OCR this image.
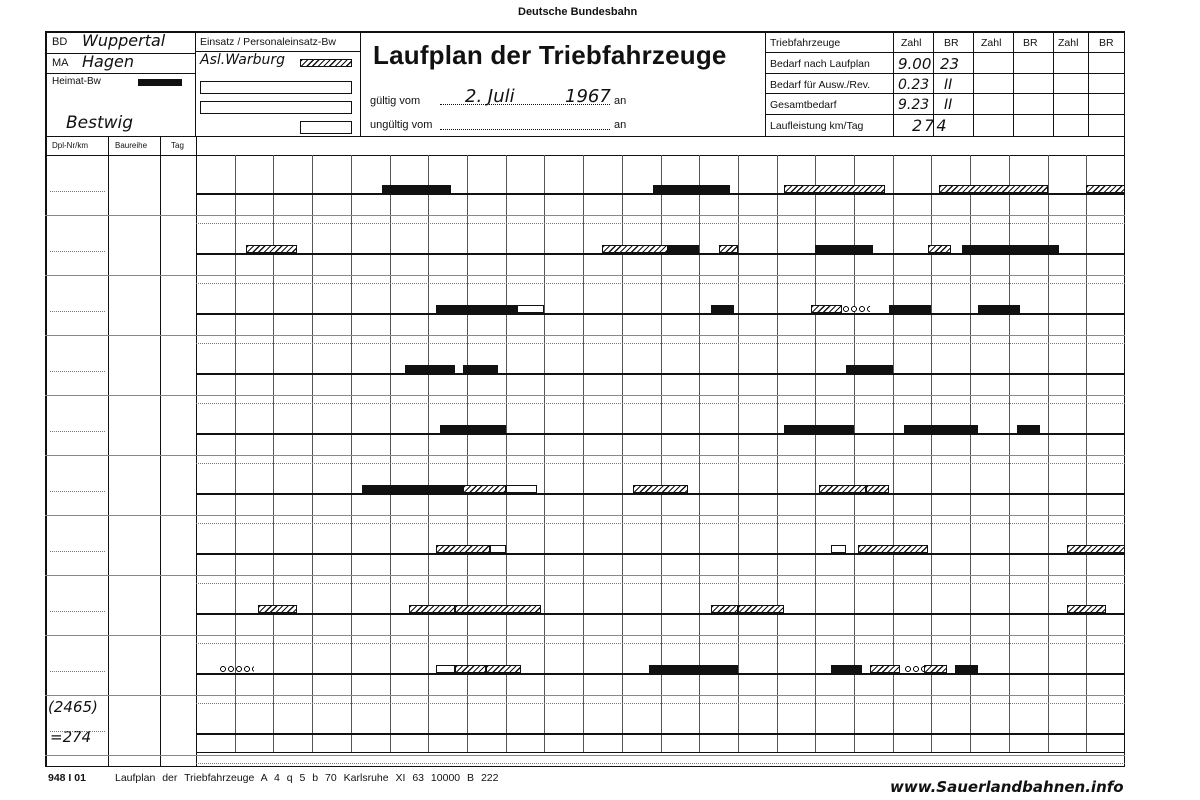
Deutsche Bundesbahn
BD Wuppertal
MA Hagen
Heimat-Bw
Bestwig
Einsatz / Personaleinsatz-Bw
Asl.Warburg	Laufplan der Triebfahrzeuge
gültig vom 2. Juli	1967 an
ungültig vom	an
Triebfahrzeuge	Zahl BR Zahl BR Zahl BR
Bedarf nach Laufplan 9.00 23
Bedarf für Ausw./Rev. 0.23 II
Gesamtbedarf	9.23 II
Laufleistung km/Tag	274
Dpl-Nr/km	Baureihe	Tag
(2465)
=274
948 I 01	Laufplan der Triebfahrzeuge A 4 q 5 b 70 Karlsruhe XI 63 10000 B 222	www.Sauerlandbahnen.info
